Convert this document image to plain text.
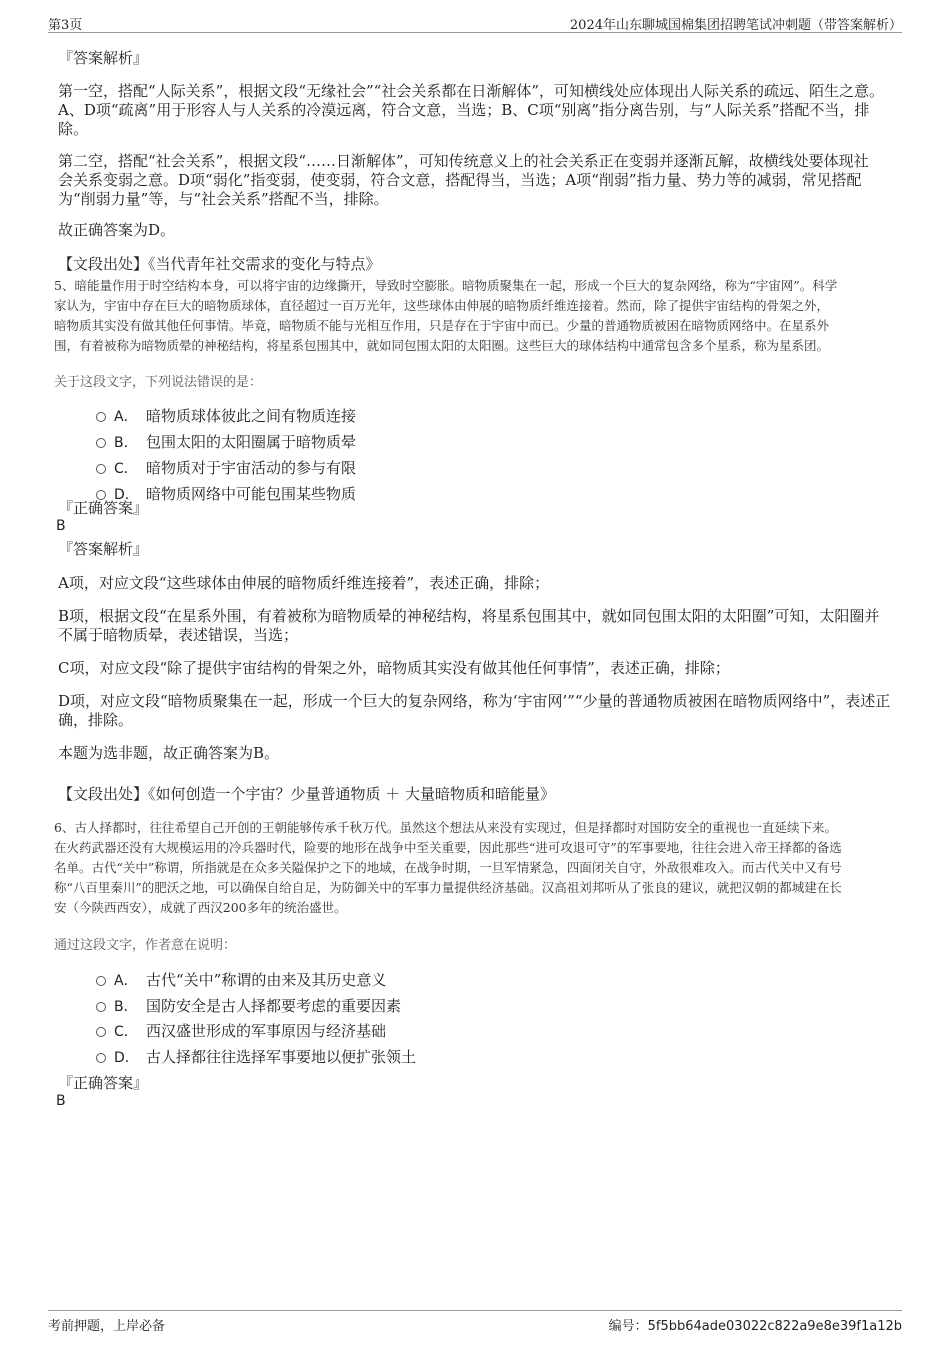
第3页	2024年山东聊城国棉集团招聘笔试冲刺题（带答案解析）
『答案解析』
第一空，搭配“人际关系”，根据文段“无缘社会”“社会关系都在日渐解体”，可知横线处应体现出人际关系的疏远、陌生之意。
A、D项“疏离”用于形容人与人关系的冷漠远离，符合文意，当选；B、C项“别离”指分离告别，与“人际关系”搭配不当，排
除。
第二空，搭配“社会关系”，根据文段“……日渐解体”，可知传统意义上的社会关系正在变弱并逐渐瓦解，故横线处要体现社
会关系变弱之意。D项“弱化”指变弱，使变弱，符合文意，搭配得当，当选；A项“削弱”指力量、势力等的减弱，常见搭配
为“削弱力量”等，与“社会关系”搭配不当，排除。
故正确答案为D。
【文段出处】《当代青年社交需求的变化与特点》
5、暗能量作用于时空结构本身，可以将宇宙的边缘撕开，导致时空膨胀。暗物质聚集在一起，形成一个巨大的复杂网络，称为“宇宙网”。科学
家认为，宇宙中存在巨大的暗物质球体，直径超过一百万光年，这些球体由伸展的暗物质纤维连接着。然而，除了提供宇宙结构的骨架之外，
暗物质其实没有做其他任何事情。毕竟，暗物质不能与光相互作用，只是存在于宇宙中而已。少量的普通物质被困在暗物质网络中。在星系外
围，有着被称为暗物质晕的神秘结构，将星系包围其中，就如同包围太阳的太阳圈。这些巨大的球体结构中通常包含多个星系，称为星系团。
关于这段文字，下列说法错误的是：
A． 暗物质球体彼此之间有物质连接
B． 包围太阳的太阳圈属于暗物质晕
C． 暗物质对于宇宙活动的参与有限
D． 暗物质网络中可能包围某些物质
『正确答案』
B
『答案解析』
A项，对应文段“这些球体由伸展的暗物质纤维连接着”，表述正确，排除；
B项，根据文段“在星系外围，有着被称为暗物质晕的神秘结构，将星系包围其中，就如同包围太阳的太阳圈”可知，太阳圈并
不属于暗物质晕，表述错误，当选；
C项，对应文段“除了提供宇宙结构的骨架之外，暗物质其实没有做其他任何事情”，表述正确，排除；
D项，对应文段“暗物质聚集在一起，形成一个巨大的复杂网络，称为‘宇宙网’”“少量的普通物质被困在暗物质网络中”，表述正
确，排除。
本题为选非题，故正确答案为B。
【文段出处】《如何创造一个宇宙？少量普通物质 ＋ 大量暗物质和暗能量》
6、古人择都时，往往希望自己开创的王朝能够传承千秋万代。虽然这个想法从来没有实现过，但是择都时对国防安全的重视也一直延续下来。
在火药武器还没有大规模运用的冷兵器时代，险要的地形在战争中至关重要，因此那些“进可攻退可守”的军事要地，往往会进入帝王择都的备选
名单。古代“关中”称谓，所指就是在众多关隘保护之下的地域，在战争时期，一旦军情紧急，四面闭关自守，外敌很难攻入。而古代关中又有号
称“八百里秦川”的肥沃之地，可以确保自给自足，为防御关中的军事力量提供经济基础。汉高祖刘邦听从了张良的建议，就把汉朝的都城建在长
安（今陕西西安），成就了西汉200多年的统治盛世。
通过这段文字，作者意在说明：
A． 古代“关中”称谓的由来及其历史意义
B． 国防安全是古人择都要考虑的重要因素
C． 西汉盛世形成的军事原因与经济基础
D． 古人择都往往选择军事要地以便扩张领土
『正确答案』
B
考前押题，上岸必备	编号：5f5bb64ade03022c822a9e8e39f1a12b
